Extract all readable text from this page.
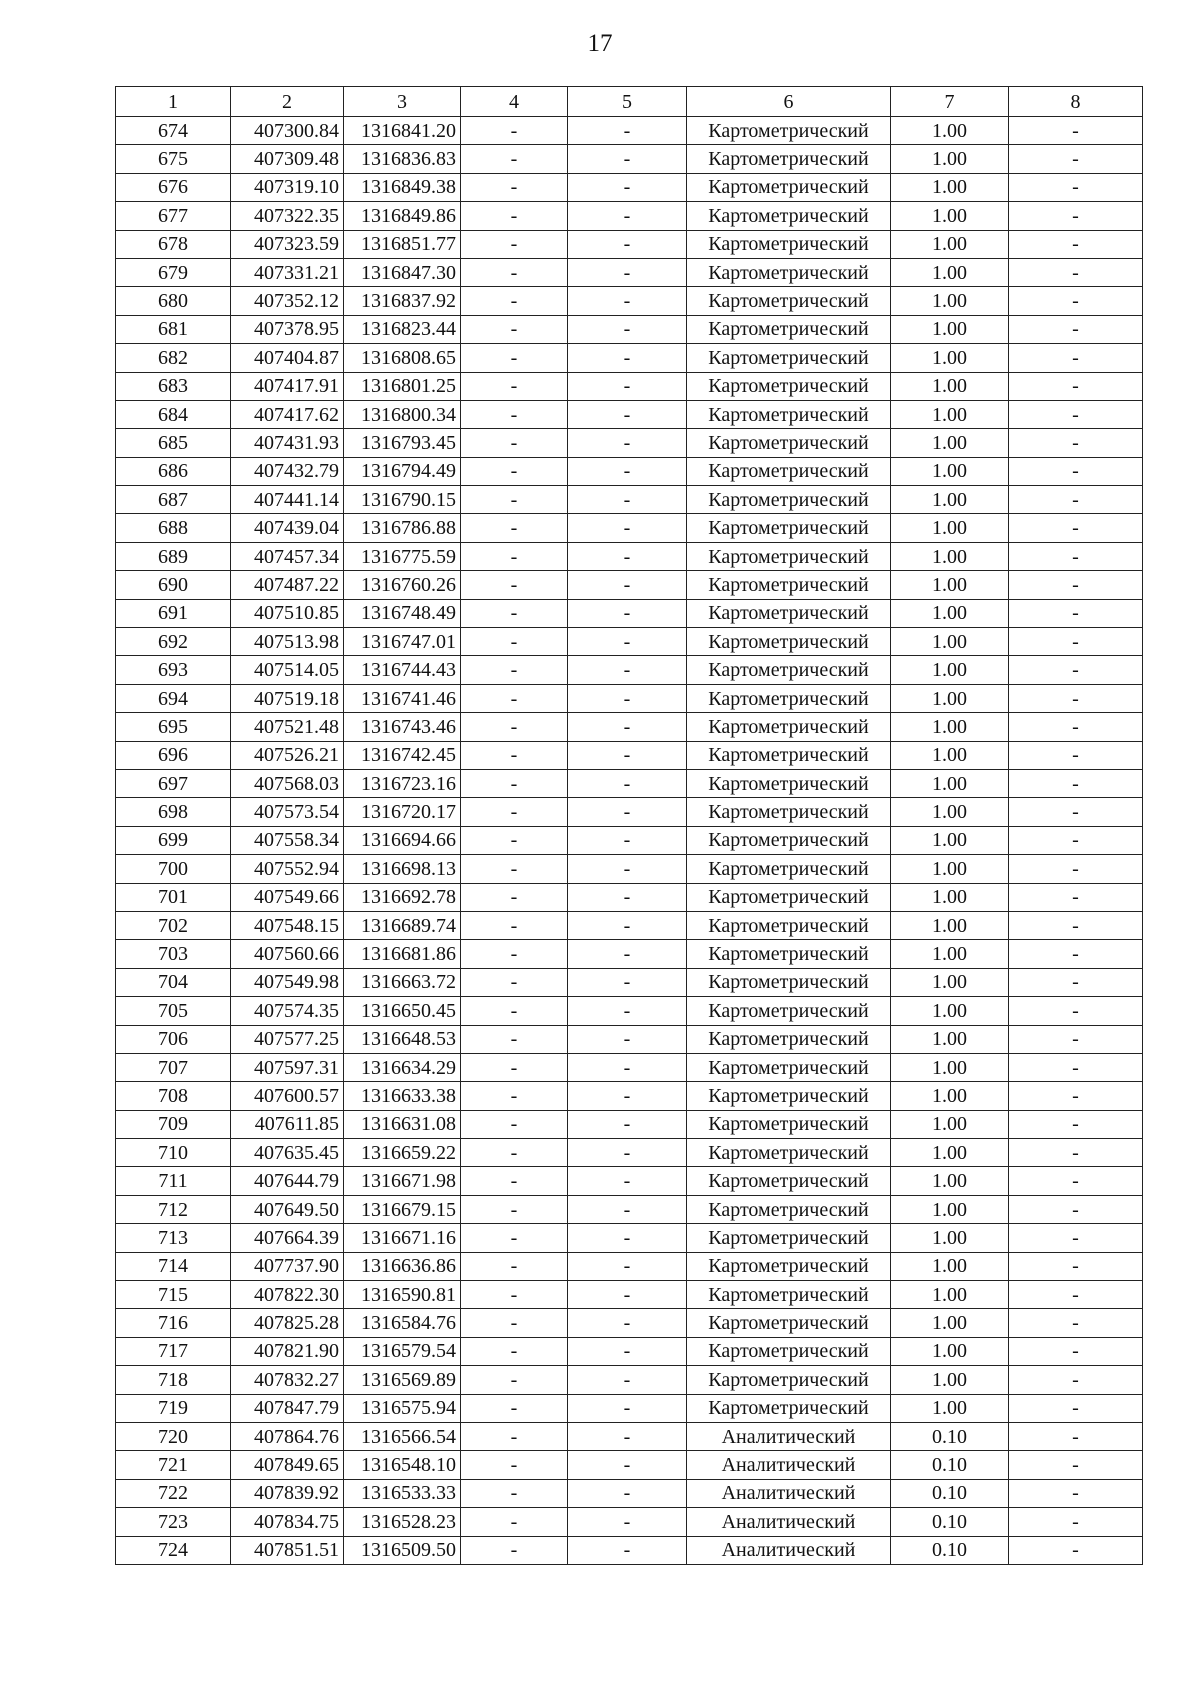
17
1	2	3	4	5	6	7	8
674	407300.84	1316841.20	-	-	Картометрический	1.00	-
675	407309.48	1316836.83	-	-	Картометрический	1.00	-
676	407319.10	1316849.38	-	-	Картометрический	1.00	-
677	407322.35	1316849.86	-	-	Картометрический	1.00	-
678	407323.59	1316851.77	-	-	Картометрический	1.00	-
679	407331.21	1316847.30	-	-	Картометрический	1.00	-
680	407352.12	1316837.92	-	-	Картометрический	1.00	-
681	407378.95	1316823.44	-	-	Картометрический	1.00	-
682	407404.87	1316808.65	-	-	Картометрический	1.00	-
683	407417.91	1316801.25	-	-	Картометрический	1.00	-
684	407417.62	1316800.34	-	-	Картометрический	1.00	-
685	407431.93	1316793.45	-	-	Картометрический	1.00	-
686	407432.79	1316794.49	-	-	Картометрический	1.00	-
687	407441.14	1316790.15	-	-	Картометрический	1.00	-
688	407439.04	1316786.88	-	-	Картометрический	1.00	-
689	407457.34	1316775.59	-	-	Картометрический	1.00	-
690	407487.22	1316760.26	-	-	Картометрический	1.00	-
691	407510.85	1316748.49	-	-	Картометрический	1.00	-
692	407513.98	1316747.01	-	-	Картометрический	1.00	-
693	407514.05	1316744.43	-	-	Картометрический	1.00	-
694	407519.18	1316741.46	-	-	Картометрический	1.00	-
695	407521.48	1316743.46	-	-	Картометрический	1.00	-
696	407526.21	1316742.45	-	-	Картометрический	1.00	-
697	407568.03	1316723.16	-	-	Картометрический	1.00	-
698	407573.54	1316720.17	-	-	Картометрический	1.00	-
699	407558.34	1316694.66	-	-	Картометрический	1.00	-
700	407552.94	1316698.13	-	-	Картометрический	1.00	-
701	407549.66	1316692.78	-	-	Картометрический	1.00	-
702	407548.15	1316689.74	-	-	Картометрический	1.00	-
703	407560.66	1316681.86	-	-	Картометрический	1.00	-
704	407549.98	1316663.72	-	-	Картометрический	1.00	-
705	407574.35	1316650.45	-	-	Картометрический	1.00	-
706	407577.25	1316648.53	-	-	Картометрический	1.00	-
707	407597.31	1316634.29	-	-	Картометрический	1.00	-
708	407600.57	1316633.38	-	-	Картометрический	1.00	-
709	407611.85	1316631.08	-	-	Картометрический	1.00	-
710	407635.45	1316659.22	-	-	Картометрический	1.00	-
711	407644.79	1316671.98	-	-	Картометрический	1.00	-
712	407649.50	1316679.15	-	-	Картометрический	1.00	-
713	407664.39	1316671.16	-	-	Картометрический	1.00	-
714	407737.90	1316636.86	-	-	Картометрический	1.00	-
715	407822.30	1316590.81	-	-	Картометрический	1.00	-
716	407825.28	1316584.76	-	-	Картометрический	1.00	-
717	407821.90	1316579.54	-	-	Картометрический	1.00	-
718	407832.27	1316569.89	-	-	Картометрический	1.00	-
719	407847.79	1316575.94	-	-	Картометрический	1.00	-
720	407864.76	1316566.54	-	-	Аналитический	0.10	-
721	407849.65	1316548.10	-	-	Аналитический	0.10	-
722	407839.92	1316533.33	-	-	Аналитический	0.10	-
723	407834.75	1316528.23	-	-	Аналитический	0.10	-
724	407851.51	1316509.50	-	-	Аналитический	0.10	-
